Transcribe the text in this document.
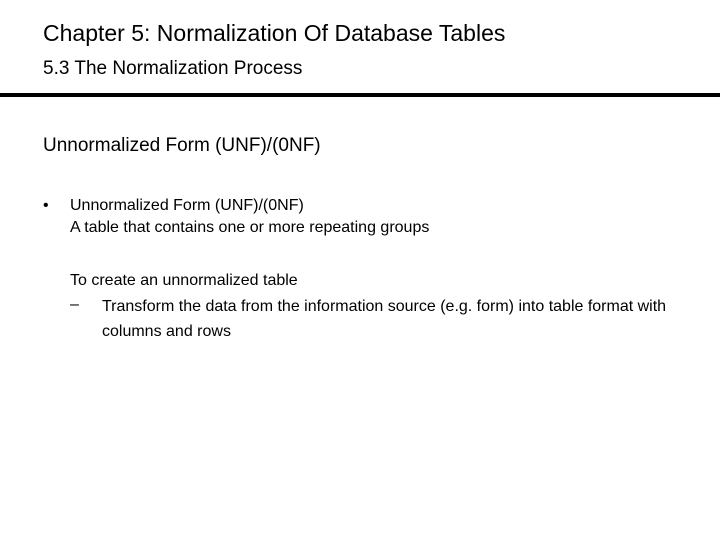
Chapter 5: Normalization Of Database Tables
5.3 The Normalization Process
Unnormalized Form (UNF)/(0NF)
•	Unnormalized Form (UNF)/(0NF)
A table that contains one or more repeating groups
To create an unnormalized table
–	Transform the data from the information source (e.g. form) into table format with columns and rows
